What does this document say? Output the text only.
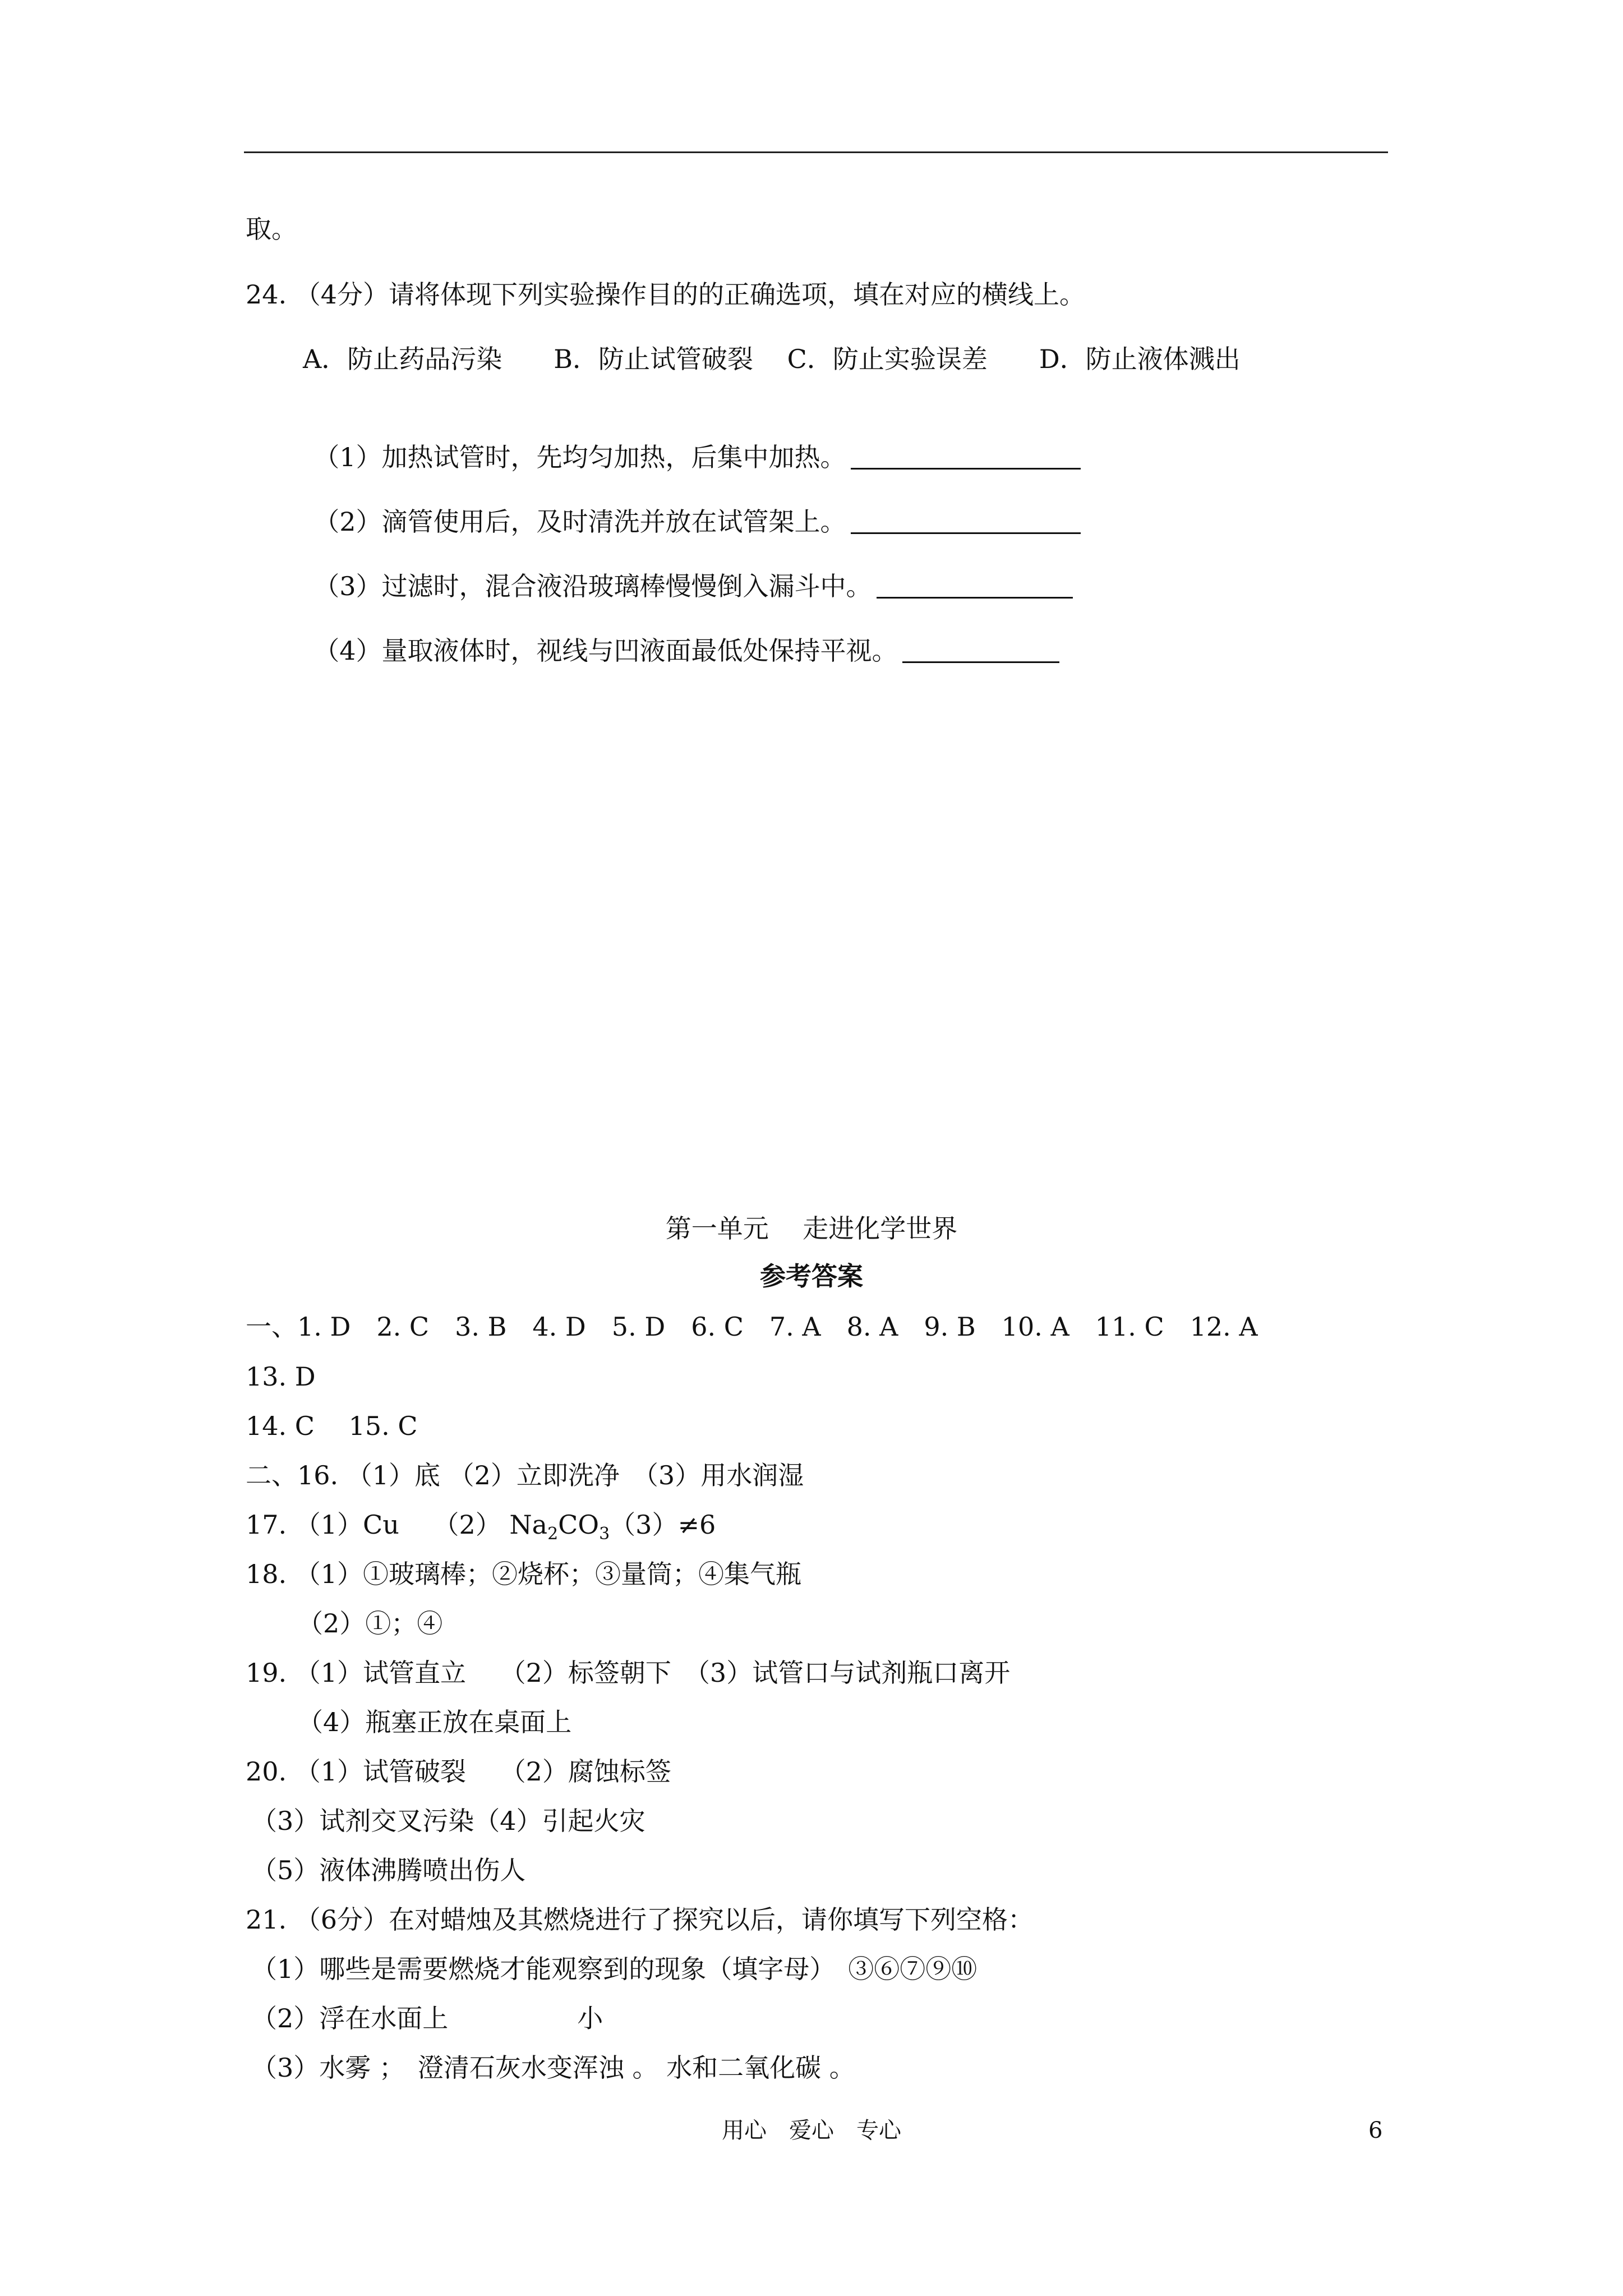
取。
24. （4分）请将体现下列实验操作目的的正确选项，填在对应的横线上。
A．防止药品污染　　B．防止试管破裂　 C．防止实验误差　　D．防止液体溅出

（1）加热试管时，先均匀加热，后集中加热。

（2）滴管使用后，及时清洗并放在试管架上。

（3）过滤时，混合液沿玻璃棒慢慢倒入漏斗中。

（4）量取液体时，视线与凹液面最低处保持平视。

第一单元　 走进化学世界
参考答案
一、1. D　2. C　3. B　4. D　5. D　6. C　7. A　8. A　9. B　10. A　11. C　12. A
13. D
14. C　 15. C
二、16. （1）底 （2）立即洗净　（3）用水润湿
17. （1）Cu　 （2） $Na_2CO_3(3)\ne 6$
18. （1）①玻璃棒；②烧杯；③量筒；④集气瓶
（2）①；④
19. （1）试管直立　 （2）标签朝下　（3）试管口与试剂瓶口离开
（4）瓶塞正放在桌面上
20. （1）试管破裂　 （2）腐蚀标签
（3）试剂交叉污染（4）引起火灾
（5）液体沸腾喷出伤人
21. （6分）在对蜡烛及其燃烧进行了探究以后，请你填写下列空格：
（1）哪些是需要燃烧才能观察到的现象（填字母）　③⑥⑦⑨⑩
（2）浮在水面上　　　　　小
（3）水雾 ；　澄清石灰水变浑浊 。 水和二氧化碳 。
用心　爱心　专心	6
